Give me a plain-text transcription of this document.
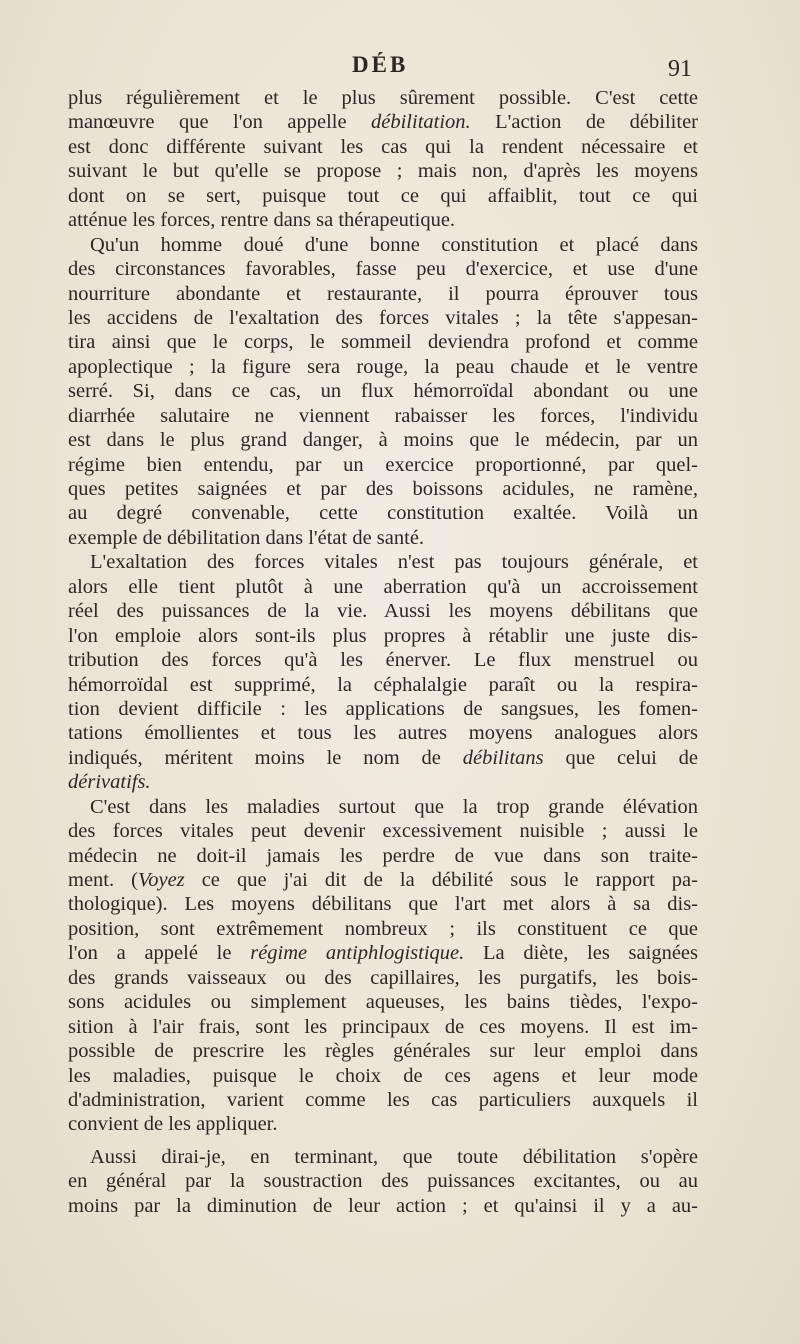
DÉB	91
plus régulièrement et le plus sûrement possible. C'est cette
manœuvre que l'on appelle débilitation. L'action de débiliter
est donc différente suivant les cas qui la rendent nécessaire et
suivant le but qu'elle se propose ; mais non, d'après les moyens
dont on se sert, puisque tout ce qui affaiblit, tout ce qui
atténue les forces, rentre dans sa thérapeutique.
Qu'un homme doué d'une bonne constitution et placé dans
des circonstances favorables, fasse peu d'exercice, et use d'une
nourriture abondante et restaurante, il pourra éprouver tous
les accidens de l'exaltation des forces vitales ; la tête s'appesan-
tira ainsi que le corps, le sommeil deviendra profond et comme
apoplectique ; la figure sera rouge, la peau chaude et le ventre
serré. Si, dans ce cas, un flux hémorroïdal abondant ou une
diarrhée salutaire ne viennent rabaisser les forces, l'individu
est dans le plus grand danger, à moins que le médecin, par un
régime bien entendu, par un exercice proportionné, par quel-
ques petites saignées et par des boissons acidules, ne ramène,
au degré convenable, cette constitution exaltée. Voilà un
exemple de débilitation dans l'état de santé.
L'exaltation des forces vitales n'est pas toujours générale, et
alors elle tient plutôt à une aberration qu'à un accroissement
réel des puissances de la vie. Aussi les moyens débilitans que
l'on emploie alors sont-ils plus propres à rétablir une juste dis-
tribution des forces qu'à les énerver. Le flux menstruel ou
hémorroïdal est supprimé, la céphalalgie paraît ou la respira-
tion devient difficile : les applications de sangsues, les fomen-
tations émollientes et tous les autres moyens analogues alors
indiqués, méritent moins le nom de débilitans que celui de
dérivatifs.
C'est dans les maladies surtout que la trop grande élévation
des forces vitales peut devenir excessivement nuisible ; aussi le
médecin ne doit-il jamais les perdre de vue dans son traite-
ment. (Voyez ce que j'ai dit de la débilité sous le rapport pa-
thologique). Les moyens débilitans que l'art met alors à sa dis-
position, sont extrêmement nombreux ; ils constituent ce que
l'on a appelé le régime antiphlogistique. La diète, les saignées
des grands vaisseaux ou des capillaires, les purgatifs, les bois-
sons acidules ou simplement aqueuses, les bains tièdes, l'expo-
sition à l'air frais, sont les principaux de ces moyens. Il est im-
possible de prescrire les règles générales sur leur emploi dans
les maladies, puisque le choix de ces agens et leur mode
d'administration, varient comme les cas particuliers auxquels il
convient de les appliquer.
Aussi dirai-je, en terminant, que toute débilitation s'opère
en général par la soustraction des puissances excitantes, ou au
moins par la diminution de leur action ; et qu'ainsi il y a au-
